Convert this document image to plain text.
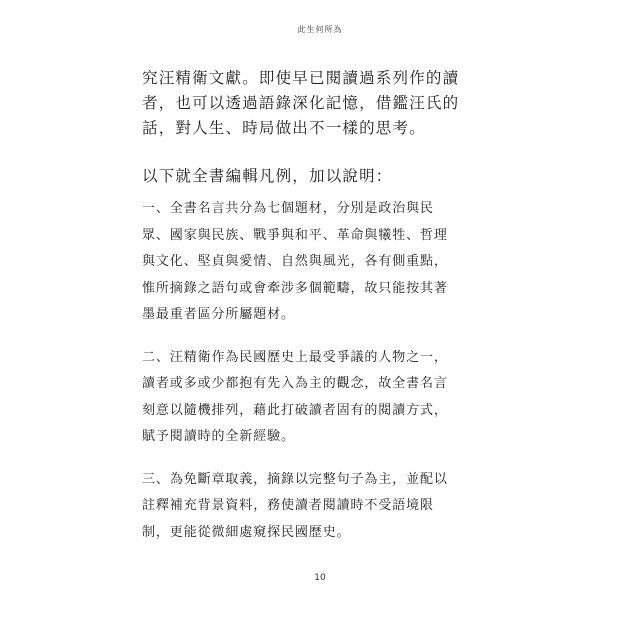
此生何所為

究汪精衛文獻。即使早已閱讀過系列作的讀
者，也可以透過語錄深化記憶，借鑑汪氏的
話，對人生、時局做出不一樣的思考。

以下就全書編輯凡例，加以說明：

一、全書名言共分為七個題材，分別是政治與民
眾、國家與民族、戰爭與和平、革命與犧牲、哲理
與文化、堅貞與愛情、自然與風光，各有側重點，
惟所摘錄之語句或會牽涉多個範疇，故只能按其著
墨最重者區分所屬題材。

二、汪精衛作為民國歷史上最受爭議的人物之一，
讀者或多或少都抱有先入為主的觀念，故全書名言
刻意以隨機排列，藉此打破讀者固有的閱讀方式，
賦予閱讀時的全新經驗。

三、為免斷章取義，摘錄以完整句子為主，並配以
註釋補充背景資料，務使讀者閱讀時不受語境限
制，更能從微細處窺探民國歷史。

10
